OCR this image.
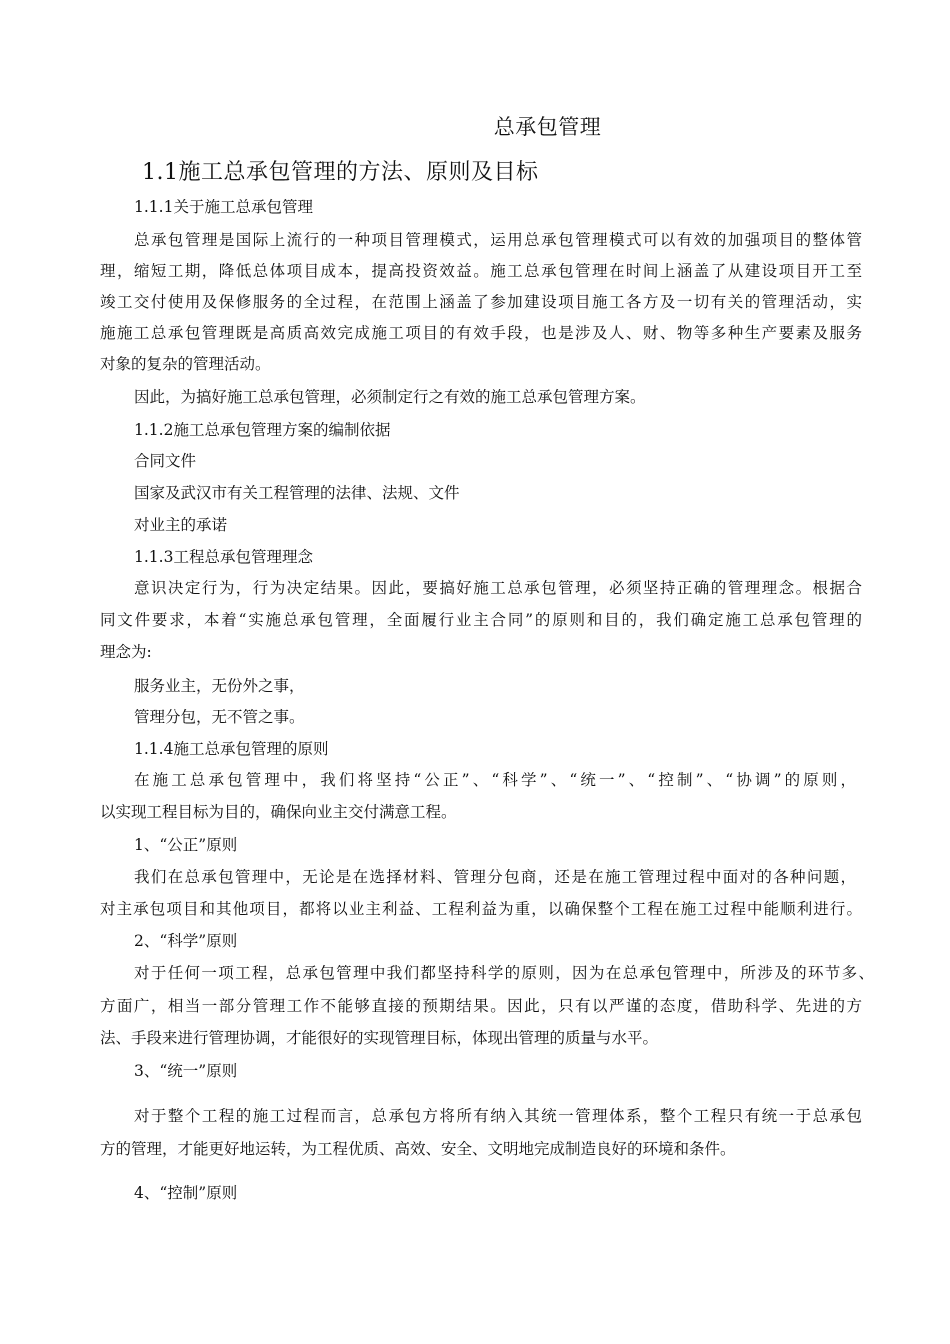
总承包管理
1.1施工总承包管理的方法、原则及目标
1.1.1关于施工总承包管理
总承包管理是国际上流行的一种项目管理模式，运用总承包管理模式可以有效的加强项目的整体管
理，缩短工期，降低总体项目成本，提高投资效益。施工总承包管理在时间上涵盖了从建设项目开工至
竣工交付使用及保修服务的全过程，在范围上涵盖了参加建设项目施工各方及一切有关的管理活动，实
施施工总承包管理既是高质高效完成施工项目的有效手段，也是涉及人、财、物等多种生产要素及服务
对象的复杂的管理活动。
因此，为搞好施工总承包管理，必须制定行之有效的施工总承包管理方案。
1.1.2施工总承包管理方案的编制依据
合同文件
国家及武汉市有关工程管理的法律、法规、文件
对业主的承诺
1.1.3工程总承包管理理念
意识决定行为，行为决定结果。因此，要搞好施工总承包管理，必须坚持正确的管理理念。根据合
同文件要求，本着“实施总承包管理，全面履行业主合同”的原则和目的，我们确定施工总承包管理的
理念为:
服务业主，无份外之事，
管理分包，无不管之事。
1.1.4施工总承包管理的原则
在施工总承包管理中，我们将坚持“公正”、“科学”、“统一”、“控制”、“协调”的原则，
以实现工程目标为目的，确保向业主交付满意工程。
1、“公正”原则
我们在总承包管理中，无论是在选择材料、管理分包商，还是在施工管理过程中面对的各种问题，
对主承包项目和其他项目，都将以业主利益、工程利益为重，以确保整个工程在施工过程中能顺利进行。
2、“科学”原则
对于任何一项工程，总承包管理中我们都坚持科学的原则，因为在总承包管理中，所涉及的环节多、
方面广，相当一部分管理工作不能够直接的预期结果。因此，只有以严谨的态度，借助科学、先进的方
法、手段来进行管理协调，才能很好的实现管理目标，体现出管理的质量与水平。
3、“统一”原则
对于整个工程的施工过程而言，总承包方将所有纳入其统一管理体系，整个工程只有统一于总承包
方的管理，才能更好地运转，为工程优质、高效、安全、文明地完成制造良好的环境和条件。
4、“控制”原则
